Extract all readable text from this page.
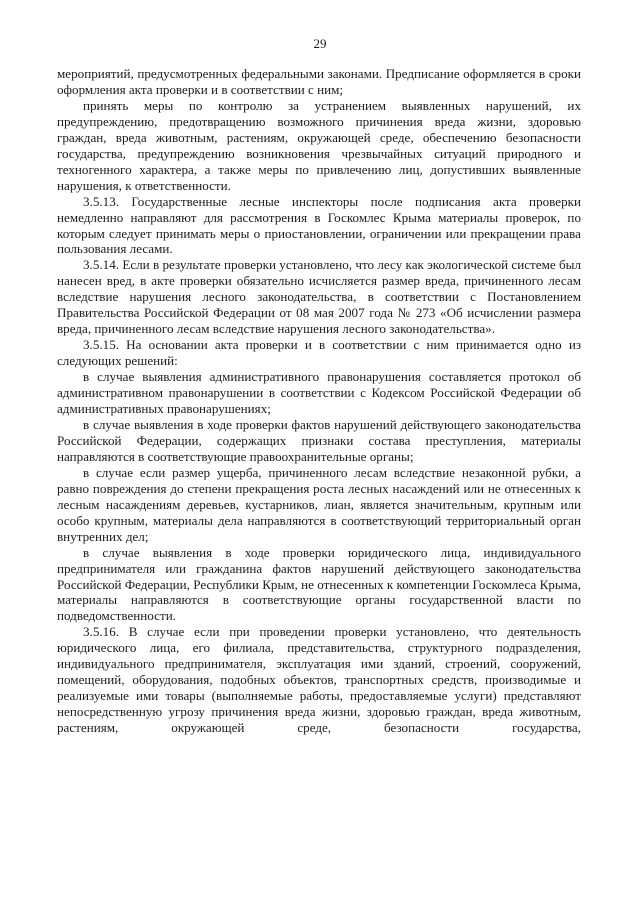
29

мероприятий, предусмотренных федеральными законами. Предписание оформляется в сроки оформления акта проверки и в соответствии с ним;

принять меры по контролю за устранением выявленных нарушений, их предупреждению, предотвращению возможного причинения вреда жизни, здоровью граждан, вреда животным, растениям, окружающей среде, обеспечению безопасности государства, предупреждению возникновения чрезвычайных ситуаций природного и техногенного характера, а также меры по привлечению лиц, допустивших выявленные нарушения, к ответственности.

3.5.13. Государственные лесные инспекторы после подписания акта проверки немедленно направляют для рассмотрения в Госкомлес Крыма материалы проверок, по которым следует принимать меры о приостановлении, ограничении или прекращении права пользования лесами.

3.5.14. Если в результате проверки установлено, что лесу как экологической системе был нанесен вред, в акте проверки обязательно исчисляется размер вреда, причиненного лесам вследствие нарушения лесного законодательства, в соответствии с Постановлением Правительства Российской Федерации от 08 мая 2007 года № 273 «Об исчислении размера вреда, причиненного лесам вследствие нарушения лесного законодательства».

3.5.15. На основании акта проверки и в соответствии с ним принимается одно из следующих решений:

в случае выявления административного правонарушения составляется протокол об административном правонарушении в соответствии с Кодексом Российской Федерации об административных правонарушениях;

в случае выявления в ходе проверки фактов нарушений действующего законодательства Российской Федерации, содержащих признаки состава преступления, материалы направляются в соответствующие правоохранительные органы;

в случае если размер ущерба, причиненного лесам вследствие незаконной рубки, а равно повреждения до степени прекращения роста лесных насаждений или не отнесенных к лесным насаждениям деревьев, кустарников, лиан, является значительным, крупным или особо крупным, материалы дела направляются в соответствующий территориальный орган внутренних дел;

в случае выявления в ходе проверки юридического лица, индивидуального предпринимателя или гражданина фактов нарушений действующего законодательства Российской Федерации, Республики Крым, не отнесенных к компетенции Госкомлеса Крыма, материалы направляются в соответствующие органы государственной власти по подведомственности.

3.5.16. В случае если при проведении проверки установлено, что деятельность юридического лица, его филиала, представительства, структурного подразделения, индивидуального предпринимателя, эксплуатация ими зданий, строений, сооружений, помещений, оборудования, подобных объектов, транспортных средств, производимые и реализуемые ими товары (выполняемые работы, предоставляемые услуги) представляют непосредственную угрозу причинения вреда жизни, здоровью граждан, вреда животным, растениям, окружающей среде, безопасности государства,
